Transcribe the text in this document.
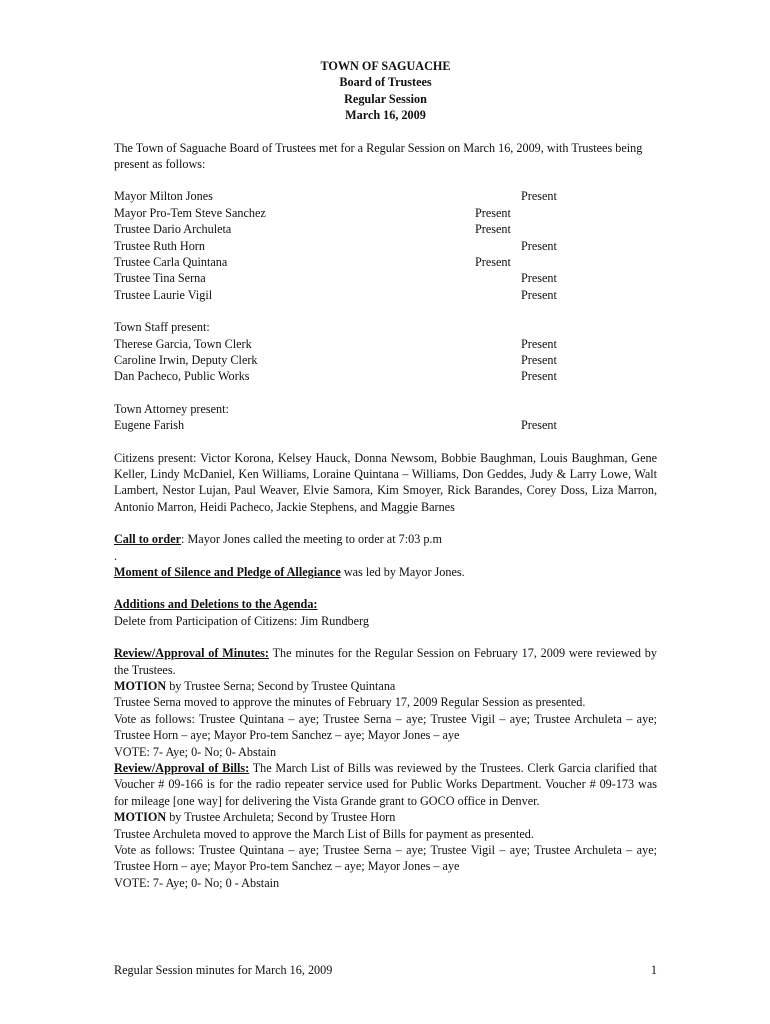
TOWN OF SAGUACHE
Board of Trustees
Regular Session
March 16, 2009

The Town of Saguache Board of Trustees met for a Regular Session on March 16, 2009, with Trustees being present as follows:

Mayor Milton Jones	Present
Mayor Pro-Tem Steve Sanchez	Present
Trustee Dario Archuleta	Present
Trustee Ruth Horn	Present
Trustee Carla Quintana	Present
Trustee Tina Serna	Present
Trustee Laurie Vigil	Present
Town Staff present:
Therese Garcia, Town Clerk	Present
Caroline Irwin, Deputy Clerk	Present
Dan Pacheco, Public Works	Present
Town Attorney present:
Eugene Farish	Present

Citizens present: Victor Korona, Kelsey Hauck, Donna Newsom, Bobbie Baughman, Louis Baughman, Gene Keller, Lindy McDaniel, Ken Williams, Loraine Quintana – Williams, Don Geddes, Judy & Larry Lowe, Walt Lambert, Nestor Lujan, Paul Weaver, Elvie Samora, Kim Smoyer, Rick Barandes, Corey Doss, Liza Marron, Antonio Marron, Heidi Pacheco, Jackie Stephens, and Maggie Barnes

Call to order: Mayor Jones called the meeting to order at 7:03 p.m

.

Moment of Silence and Pledge of Allegiance was led by Mayor Jones.

Additions and Deletions to the Agenda:
Delete from Participation of Citizens: Jim Rundberg

Review/Approval of Minutes: The minutes for the Regular Session on February 17, 2009 were reviewed by the Trustees.

MOTION by Trustee Serna; Second by Trustee Quintana

Trustee Serna moved to approve the minutes of February 17, 2009 Regular Session as presented.

Vote as follows: Trustee Quintana – aye; Trustee Serna – aye; Trustee Vigil – aye; Trustee Archuleta – aye; Trustee Horn – aye; Mayor Pro-tem Sanchez – aye; Mayor Jones – aye

VOTE: 7- Aye; 0- No; 0- Abstain

Review/Approval of Bills: The March List of Bills was reviewed by the Trustees. Clerk Garcia clarified that Voucher # 09-166 is for the radio repeater service used for Public Works Department. Voucher # 09-173 was for mileage [one way] for delivering the Vista Grande grant to GOCO office in Denver.

MOTION by Trustee Archuleta; Second by Trustee Horn

Trustee Archuleta moved to approve the March List of Bills for payment as presented.

Vote as follows: Trustee Quintana – aye; Trustee Serna – aye; Trustee Vigil – aye; Trustee Archuleta – aye; Trustee Horn – aye; Mayor Pro-tem Sanchez – aye; Mayor Jones – aye

VOTE: 7- Aye; 0- No; 0 - Abstain

Regular Session minutes for March 16, 2009	1
